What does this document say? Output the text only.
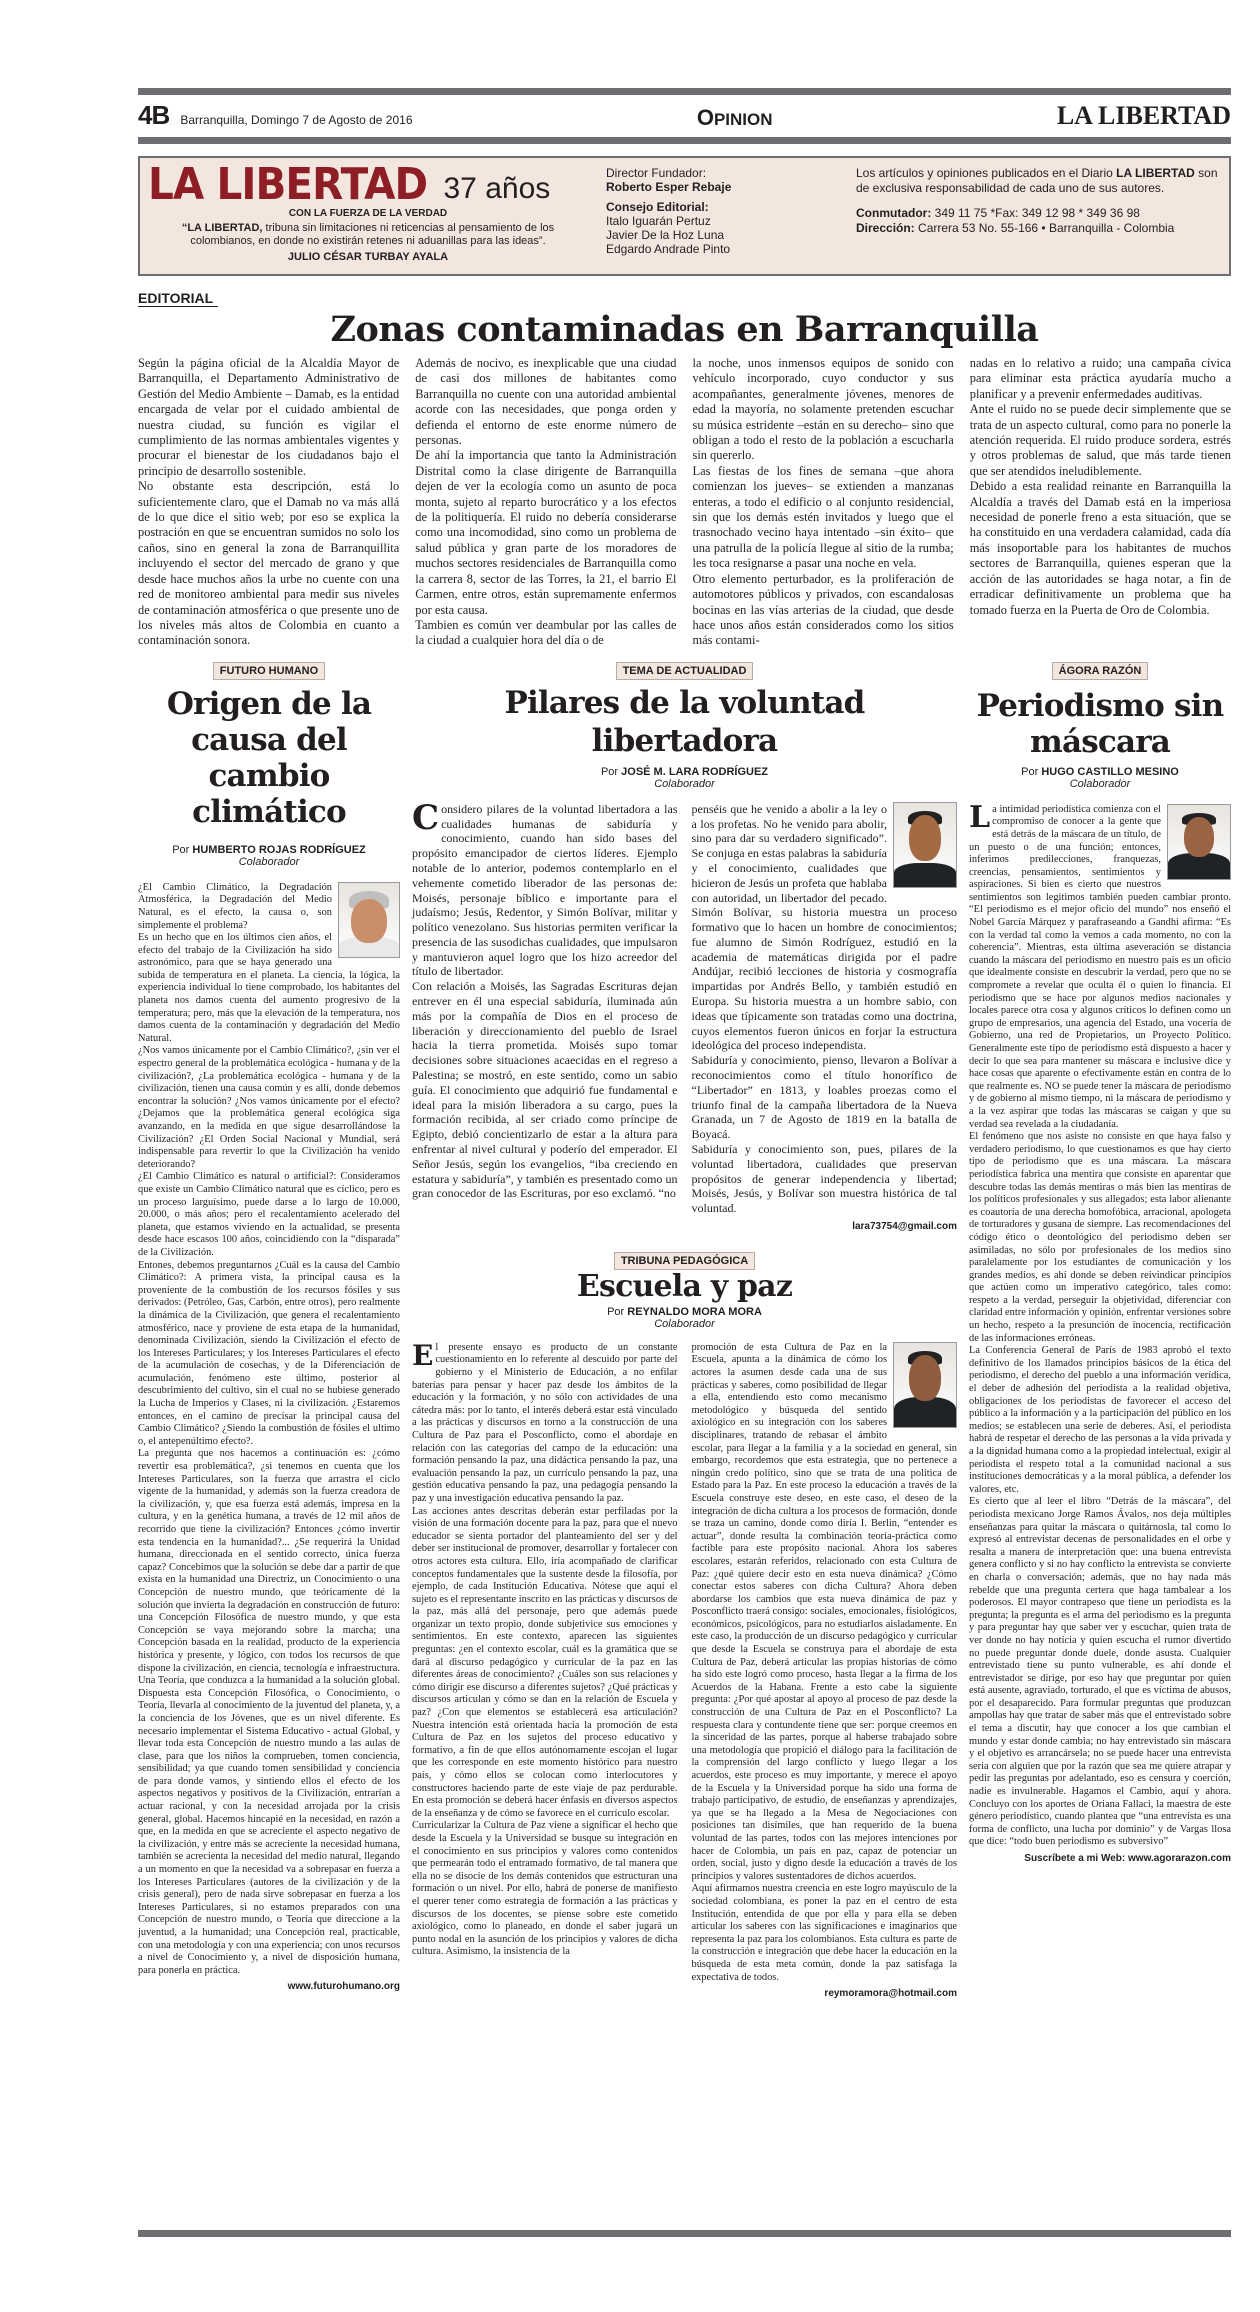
4B Barranquilla, Domingo 7 de Agosto de 2016	OPINION	LA LIBERTAD
LA LIBERTAD 37 años
CON LA FUERZA DE LA VERDAD
“LA LIBERTAD, tribuna sin limitaciones ni reticencias al pensamiento de los colombianos, en donde no existirán retenes ni aduanillas para las ideas”.
JULIO CÉSAR TURBAY AYALA
Director Fundador:
Roberto Esper Rebaje
Consejo Editorial:
Italo Iguarán Pertuz
Javier De la Hoz Luna
Edgardo Andrade Pinto
Los artículos y opiniones publicados en el Diario LA LIBERTAD son de exclusiva responsabilidad de cada uno de sus autores.
Conmutador: 349 11 75 *Fax: 349 12 98 * 349 36 98
Dirección: Carrera 53 No. 55-166 • Barranquilla - Colombia
EDITORIAL
Zonas contaminadas en Barranquilla

Según la página oficial de la Alcaldía Mayor de Barranquilla, el Departamento Administrativo de Gestión del Medio Ambiente – Damab, es la entidad encargada de velar por el cuidado ambiental de nuestra ciudad, su función es vigilar el cumplimiento de las normas ambientales vigentes y procurar el bienestar de los ciudadanos bajo el principio de desarrollo sostenible.

No obstante esta descripción, está lo suficientemente claro, que el Damab no va más allá de lo que dice el sitio web; por eso se explica la postración en que se encuentran sumidos no solo los caños, sino en general la zona de Barranquillita incluyendo el sector del mercado de grano y que desde hace muchos años la urbe no cuente con una red de monitoreo ambiental para medir sus niveles de contaminación atmosférica o que presente uno de los niveles más altos de Colombia en cuanto a contaminación sonora.

Además de nocivo, es inexplicable que una ciudad de casi dos millones de habitantes como Barranquilla no cuente con una autoridad ambiental acorde con las necesidades, que ponga orden y defienda el entorno de este enorme número de personas.

De ahí la importancia que tanto la Administración Distrital como la clase dirigente de Barranquilla dejen de ver la ecología como un asunto de poca monta, sujeto al reparto burocrático y a los efectos de la politiquería. El ruido no debería considerarse como una incomodidad, sino como un problema de salud pública y gran parte de los moradores de muchos sectores residenciales de Barranquilla como la carrera 8, sector de las Torres, la 21, el barrio El Carmen, entre otros, están supremamente enfermos por esta causa.

Tambien es común ver deambular por las calles de la ciudad a cualquier hora del día o de

la noche, unos inmensos equipos de sonido con vehículo incorporado, cuyo conductor y sus acompañantes, generalmente jóvenes, menores de edad la mayoría, no solamente pretenden escuchar su música estridente –están en su derecho– sino que obligan a todo el resto de la población a escucharla sin quererlo.

Las fiestas de los fines de semana –que ahora comienzan los jueves– se extienden a manzanas enteras, a todo el edificio o al conjunto residencial, sin que los demás estén invitados y luego que el trasnochado vecino haya intentado –sin éxito– que una patrulla de la policía llegue al sitio de la rumba; les toca resignarse a pasar una noche en vela.

Otro elemento perturbador, es la proliferación de automotores públicos y privados, con escandalosas bocinas en las vías arterias de la ciudad, que desde hace unos años están considerados como los sitios más contami-

nadas en lo relativo a ruido; una campaña cívica para eliminar esta práctica ayudaría mucho a planificar y a prevenir enfermedades auditivas.

Ante el ruido no se puede decir simplemente que se trata de un aspecto cultural, como para no ponerle la atención requerida. El ruido produce sordera, estrés y otros problemas de salud, que más tarde tienen que ser atendidos ineludiblemente.

Debido a esta realidad reinante en Barranquilla la Alcaldía a través del Damab está en la imperiosa necesidad de ponerle freno a esta situación, que se ha constituido en una verdadera calamidad, cada día más insoportable para los habitantes de muchos sectores de Barranquilla, quienes esperan que la acción de las autoridades se haga notar, a fin de erradicar definitivamente un problema que ha tomado fuerza en la Puerta de Oro de Colombia.

FUTURO HUMANO
Origen de la causa del cambio climático
Por HUMBERTO ROJAS RODRÍGUEZ
Colaborador

¿El Cambio Climático, la Degradación Atmosférica, la Degradación del Medio Natural, es el efecto, la causa o, son simplemente el problema?

Es un hecho que en los últimos cien años, el efecto del trabajo de la Civilización ha sido astronómico, para que se haya generado una subida de temperatura en el planeta. La ciencia, la lógica, la experiencia individual lo tiene comprobado, los habitantes del planeta nos damos cuenta del aumento progresivo de la temperatura; pero, más que la elevación de la temperatura, nos damos cuenta de la contaminación y degradación del Medio Natural.

¿Nos vamos únicamente por el Cambio Climático?, ¿sin ver el espectro general de la problemática ecológica - humana y de la civilización?, ¿La problemática ecológica - humana y de la civilización, tienen una causa común y es allí, donde debemos encontrar la solución? ¿Nos vamos únicamente por el efecto? ¿Dejamos que la problemática general ecológica siga avanzando, en la medida en que sigue desarrollándose la Civilización? ¿El Orden Social Nacional y Mundial, será indispensable para revertir lo que la Civilización ha venido deteriorando?

¿El Cambio Climático es natural o artificial?: Consideramos que existe un Cambio Climático natural que es cíclico, pero es un proceso larguísimo, puede darse a lo largo de 10.000, 20.000, o más años; pero el recalentamiento acelerado del planeta, que estamos viviendo en la actualidad, se presenta desde hace escasos 100 años, coincidiendo con la “disparada” de la Civilización.

Entones, debemos preguntarnos ¿Cuál es la causa del Cambio Climático?: A primera vista, la principal causa es la proveniente de la combustión de los recursos fósiles y sus derivados: (Petróleo, Gas, Carbón, entre otros), pero realmente la dinámica de la Civilización, que genera el recalentamiento atmosférico, nace y proviene de esta etapa de la humanidad, denominada Civilización, siendo la Civilización el efecto de los Intereses Particulares; y los Intereses Particulares el efecto de la acumulación de cosechas, y de la Diferenciación de acumulación, fenómeno este último, posterior al descubrimiento del cultivo, sin el cual no se hubiese generado la Lucha de Imperios y Clases, ni la civilización. ¿Estaremos entonces, en el camino de precisar la principal causa del Cambio Climático? ¿Siendo la combustión de fósiles el ultimo o, el antepenúltimo efecto?.

La pregunta que nos hacemos a continuación es: ¿cómo revertir esa problemática?, ¿si tenemos en cuenta que los Intereses Particulares, son la fuerza que arrastra el ciclo vigente de la humanidad, y además son la fuerza creadora de la civilización, y, que esa fuerza está además, impresa en la cultura, y en la genética humana, a través de 12 mil años de recorrido que tiene la civilización? Entonces ¿cómo invertir esta tendencia en la humanidad?... ¿Se requerirá la Unidad humana, direccionada en el sentido correcto, única fuerza capaz? Concebimos que la solución se debe dar a partir de que exista en la humanidad una Directriz, un Conocimiento o una Concepción de nuestro mundo, que teóricamente dé la solución que invierta la degradación en construcción de futuro: una Concepción Filosófica de nuestro mundo, y que esta Concepción se vaya mejorando sobre la marcha; una Concepción basada en la realidad, producto de la experiencia histórica y presente, y lógico, con todos los recursos de que dispone la civilización, en ciencia, tecnología e infraestructura. Una Teoría, que conduzca a la humanidad a la solución global. Dispuesta esta Concepción Filosófica, o Conocimiento, o Teoría, llevarla al conocimiento de la juventud del planeta, y, a la conciencia de los Jóvenes, que es un nivel diferente. Es necesario implementar el Sistema Educativo - actual Global, y llevar toda esta Concepción de nuestro mundo a las aulas de clase, para que los niños la comprueben, tomen conciencia, sensibilidad; ya que cuando tomen sensibilidad y conciencia de para donde vamos, y sintiendo ellos el efecto de los aspectos negativos y positivos de la Civilización, entrarían a actuar racional, y con la necesidad arrojada por la crisis general, global. Hacemos hincapié en la necesidad, en razón a que, en la medida en que se acreciente el aspecto negativo de la civilización, y entre más se acreciente la necesidad humana, también se acrecienta la necesidad del medio natural, llegando a un momento en que la necesidad va a sobrepasar en fuerza a los Intereses Particulares (autores de la civilización y de la crisis general), pero de nada sirve sobrepasar en fuerza a los Intereses Particulares, si no estamos preparados con una Concepción de nuestro mundo, o Teoría que direccione a la juventud, a la humanidad; una Concepción real, practicable, con una metodología y con una experiencia; con unos recursos a nivel de Conocimiento y, a nivel de disposición humana, para ponerla en práctica.

www.futurohumano.org
TEMA DE ACTUALIDAD
Pilares de la voluntad libertadora
Por JOSÉ M. LARA RODRÍGUEZ
Colaborador
C onsidero pilares de la voluntad libertadora a las cualidades humanas de sabiduría y conocimiento, cuando han sido bases del propósito emancipador de ciertos líderes. Ejemplo notable de lo anterior, podemos contemplarlo en el vehemente cometido liberador de las personas de: Moisés, personaje bíblico e importante para el judaísmo; Jesús, Redentor, y Simón Bolívar, militar y político venezolano. Sus historias permiten verificar la presencia de las susodichas cualidades, que impulsaron y mantuvieron aquel logro que los hizo acreedor del título de libertador.

Con relación a Moisés, las Sagradas Escrituras dejan entrever en él una especial sabiduría, iluminada aún más por la compañía de Dios en el proceso de liberación y direccionamiento del pueblo de Israel hacia la tierra prometida. Moisés supo tomar decisiones sobre situaciones acaecidas en el regreso a Palestina; se mostró, en este sentido, como un sabio guía. El conocimiento que adquirió fue fundamental e ideal para la misión liberadora a su cargo, pues la formación recibida, al ser criado como príncipe de Egipto, debió concientizarlo de estar a la altura para enfrentar al nivel cultural y poderío del emperador. El Señor Jesús, según los evangelios, “iba creciendo en estatura y sabiduría”, y también es presentado como un gran conocedor de las Escrituras, por eso exclamó. “no

penséis que he venido a abolir a la ley o a los profetas. No he venido para abolir, sino para dar su verdadero significado”. Se conjuga en estas palabras la sabiduría y el conocimiento, cualidades que hicieron de Jesús un profeta que hablaba con autoridad, un libertador del pecado. Simón Bolívar, su historia muestra un proceso formativo que lo hacen un hombre de conocimientos; fue alumno de Simón Rodríguez, estudió en la academia de matemáticas dirigida por el padre Andújar, recibió lecciones de historia y cosmografía impartidas por Andrés Bello, y también estudió en Europa. Su historia muestra a un hombre sabio, con ideas que típicamente son tratadas como una doctrina, cuyos elementos fueron únicos en forjar la estructura ideológica del proceso independista.

Sabiduría y conocimiento, pienso, llevaron a Bolívar a reconocimientos como el título honorífico de “Libertador” en 1813, y loables proezas como el triunfo final de la campaña libertadora de la Nueva Granada, un 7 de Agosto de 1819 en la batalla de Boyacá.

Sabiduría y conocimiento son, pues, pilares de la voluntad libertadora, cualidades que preservan propósitos de generar independencia y libertad; Moisés, Jesús, y Bolívar son muestra histórica de tal voluntad.

lara73754@gmail.com
TRIBUNA PEDAGÓGICA
Escuela y paz
Por REYNALDO MORA MORA
Colaborador
E l presente ensayo es producto de un constante cuestionamiento en lo referente al descuido por parte del gobierno y el Ministerio de Educación, a no enfilar baterías para pensar y hacer paz desde los ámbitos de la educación y la formación, y no sólo con actividades de una cátedra más: por lo tanto, el interés deberá estar está vinculado a las prácticas y discursos en torno a la construcción de una Cultura de Paz para el Posconflicto, como el abordaje en relación con las categorías del campo de la educación: una formación pensando la paz, una didáctica pensando la paz, una evaluación pensando la paz, un currículo pensando la paz, una gestión educativa pensando la paz, una pedagogía pensando la paz y una investigación educativa pensando la paz.

Las acciones antes descritas deberán estar perfiladas por la visión de una formación docente para la paz, para que el nuevo educador se sienta portador del planteamiento del ser y del deber ser institucional de promover, desarrollar y fortalecer con otros actores esta cultura. Ello, iría acompañado de clarificar conceptos fundamentales que la sustente desde la filosofía, por ejemplo, de cada Institución Educativa. Nótese que aquí el sujeto es el representante inscrito en las prácticas y discursos de la paz, más allá del personaje, pero que además puede organizar un texto propio, donde subjetivice sus emociones y sentimientos. En este contexto, aparecen las siguientes preguntas: ¿en el contexto escolar, cuál es la gramática que se dará al discurso pedagógico y curricular de la paz en las diferentes áreas de conocimiento? ¿Cuáles son sus relaciones y cómo dirigir ese discurso a diferentes sujetos? ¿Qué prácticas y discursos articulan y cómo se dan en la relación de Escuela y paz? ¿Con que elementos se establecerá esa articulación? Nuestra intención está orientada hacia la promoción de esta Cultura de Paz en los sujetos del proceso educativo y formativo, a fin de que ellos autónomamente escojan el lugar que les corresponde en este momento histórico para nuestro país, y cómo ellos se colocan como interlocutores y constructores haciendo parte de este viaje de paz perdurable. En esta promoción se deberá hacer énfasis en diversos aspectos de la enseñanza y de cómo se favorece en el currículo escolar.

Curricularizar la Cultura de Paz viene a significar el hecho que desde la Escuela y la Universidad se busque su integración en el conocimiento en sus principios y valores como contenidos que permearán todo el entramado formativo, de tal manera que ella no se disocie de los demás contenidos que estructuran una formación o un nivel. Por ello, habrá de ponerse de manifiesto el querer tener como estrategia de formación a las prácticas y discursos de los docentes, se piense sobre este cometido axiológico, como lo planeado, en donde el saber jugará un punto nodal en la asunción de los principios y valores de dicha cultura. Asimismo, la insistencia de la

promoción de esta Cultura de Paz en la Escuela, apunta a la dinámica de cómo los actores la asumen desde cada una de sus prácticas y saberes, como posibilidad de llegar a ella, entendiendo esto como mecanismo metodológico y búsqueda del sentido axiológico en su integración con los saberes disciplinares, tratando de rebasar el ámbito escolar, para llegar a la familia y a la sociedad en general, sin embargo, recordemos que esta estrategia, que no pertenece a ningún credo político, sino que se trata de una política de Estado para la Paz. En este proceso la educación a través de la Escuela construye este deseo, en este caso, el deseo de la integración de dicha cultura a los procesos de formación, donde se traza un camino, donde como diría I. Berlin, “entender es actuar”, donde resulta la combinación teoría-práctica como factible para este propósito nacional. Ahora los saberes escolares, estarán referidos, relacionado con esta Cultura de Paz: ¿qué quiere decir esto en esta nueva dinámica? ¿Cómo conectar estos saberes con dicha Cultura? Ahora deben abordarse los cambios que esta nueva dinámica de paz y Posconflicto traerá consigo: sociales, emocionales, fisiológicos, económicos, psicológicos, para no estudiarlos aisladamente. En este caso, la producción de un discurso pedagógico y curricular que desde la Escuela se construya para el abordaje de esta Cultura de Paz, deberá articular las propias historias de cómo ha sido este logró como proceso, hasta llegar a la firma de los Acuerdos de la Habana. Frente a esto cabe la siguiente pregunta: ¿Por qué apostar al apoyo al proceso de paz desde la construcción de una Cultura de Paz en el Posconflicto? La respuesta clara y contundente tiene que ser: porque creemos en la sinceridad de las partes, porque al haberse trabajado sobre una metodología que propició el diálogo para la facilitación de la comprensión del largo conflicto y luego llegar a los acuerdos, este proceso es muy importante, y merece el apoyo de la Escuela y la Universidad porque ha sido una forma de trabajo participativo, de estudio, de enseñanzas y aprendizajes, ya que se ha llegado a la Mesa de Negociaciones con posiciones tan disímiles, que han requerido de la buena voluntad de las partes, todos con las mejores intenciones por hacer de Colombia, un país en paz, capaz de potenciar un orden, social, justo y digno desde la educación a través de los principios y valores sustentadores de dichos acuerdos.

Aquí afirmamos nuestra creencia en este logro mayúsculo de la sociedad colombiana, es poner la paz en el centro de esta Institución, entendida de que por ella y para ella se deben articular los saberes con las significaciones e imaginarios que representa la paz para los colombianos. Esta cultura es parte de la construcción e integración que debe hacer la educación en la búsqueda de esta meta común, donde la paz satisfaga la expectativa de todos.

reymoramora@hotmail.com
ÁGORA RAZÓN
Periodismo sin máscara
Por HUGO CASTILLO MESINO
Colaborador
L a intimidad periodística comienza con el compromiso de conocer a la gente que está detrás de la máscara de un título, de un puesto o de una función; entonces, inferimos predilecciones, franquezas, creencias, pensamientos, sentimientos y aspiraciones. Si bien es cierto que nuestros sentimientos son legítimos también pueden cambiar pronto. “El periodismo es el mejor oficio del mundo” nos enseñó el Nobel García Márquez y parafraseando a Gandhi afirma: “Es con la verdad tal como la vemos a cada momento, no con la coherencia”. Mientras, esta última aseveración se distancia cuando la máscara del periodismo en nuestro país es un oficio que idealmente consiste en descubrir la verdad, pero que no se compromete a revelar que oculta él o quien lo financia. El periodismo que se hace por algunos medios nacionales y locales parece otra cosa y algunos críticos lo definen como un grupo de empresarios, una agencia del Estado, una vocería de Gobierno, una red de Propietarios, un Proyecto Político. Generalmente este tipo de periodismo está dispuesto a hacer y decir lo que sea para mantener su máscara e inclusive dice y hace cosas que aparente o efectivamente están en contra de lo que realmente es. NO se puede tener la máscara de periodismo y de gobierno al mismo tiempo, ni la máscara de periodismo y a la vez aspirar que todas las máscaras se caigan y que su verdad sea revelada a la ciudadanía.

El fenómeno que nos asiste no consiste en que haya falso y verdadero periodismo, lo que cuestionamos es que hay cierto tipo de periodismo que es una máscara. La máscara periodística fabrica una mentira que consiste en aparentar que descubre todas las demás mentiras o más bien las mentiras de los políticos profesionales y sus allegados; esta labor alienante es coautoría de una derecha homofóbica, arracional, apologeta de torturadores y gusana de siempre. Las recomendaciones del código ético o deontológico del periodismo deben ser asimiladas, no sólo por profesionales de los medios sino paralelamente por los estudiantes de comunicación y los grandes medios, es ahí donde se deben reivindicar principios que actúen como un imperativo categórico, tales como: respeto a la verdad, perseguir la objetividad, diferenciar con claridad entre información y opinión, enfrentar versiones sobre un hecho, respeto a la presunción de inocencia, rectificación de las informaciones erróneas.

La Conferencia General de París de 1983 aprobó el texto definitivo de los llamados principios básicos de la ética del periodismo, el derecho del pueblo a una información verídica, el deber de adhesión del periodista a la realidad objetiva, obligaciones de los periodistas de favorecer el acceso del público a la información y a la participación del público en los medios; se establecen una serie de deberes. Así, el periodista habrá de respetar el derecho de las personas a la vida privada y a la dignidad humana como a la propiedad intelectual, exigir al periodista el respeto total a la comunidad nacional a sus instituciones democráticas y a la moral pública, a defender los valores, etc.

Es cierto que al leer el libro “Detrás de la máscara”, del periodista mexicano Jorge Ramos Ávalos, nos deja múltiples enseñanzas para quitar la máscara o quitárnosla, tal como lo expresó al entrevistar decenas de personalidades en el orbe y resalta a manera de interpretación que: una buena entrevista genera conflicto y si no hay conflicto la entrevista se convierte en charla o conversación; además, que no hay nada más rebelde que una pregunta certera que haga tambalear a los poderosos. El mayor contrapeso que tiene un periodista es la pregunta; la pregunta es el arma del periodismo es la pregunta y para preguntar hay que saber ver y escuchar, quien trata de ver donde no hay noticia y quien escucha el rumor divertido no puede preguntar donde duele, donde asusta. Cualquier entrevistado tiene su punto vulnerable, es ahí donde el entrevistador se dirige, por eso hay que preguntar por quien está ausente, agraviado, torturado, el que es víctima de abusos, por el desaparecido. Para formular preguntas que produzcan ampollas hay que tratar de saber más que el entrevistado sobre el tema a discutir, hay que conocer a los que cambian el mundo y estar donde cambia; no hay entrevistado sin máscara y el objetivo es arrancársela; no se puede hacer una entrevista seria con alguien que por la razón que sea me quiere atrapar y pedir las preguntas por adelantado, eso es censura y coerción, nadie es invulnerable. Hagamos el Cambio, aquí y ahora. Concluyo con los aportes de Oriana Fallaci, la maestra de este género periodístico, cuando plantea que “una entrevista es una forma de conflicto, una lucha por dominio” y de Vargas llosa que dice: “todo buen periodismo es subversivo”

Suscríbete a mi Web: www.agorarazon.com
